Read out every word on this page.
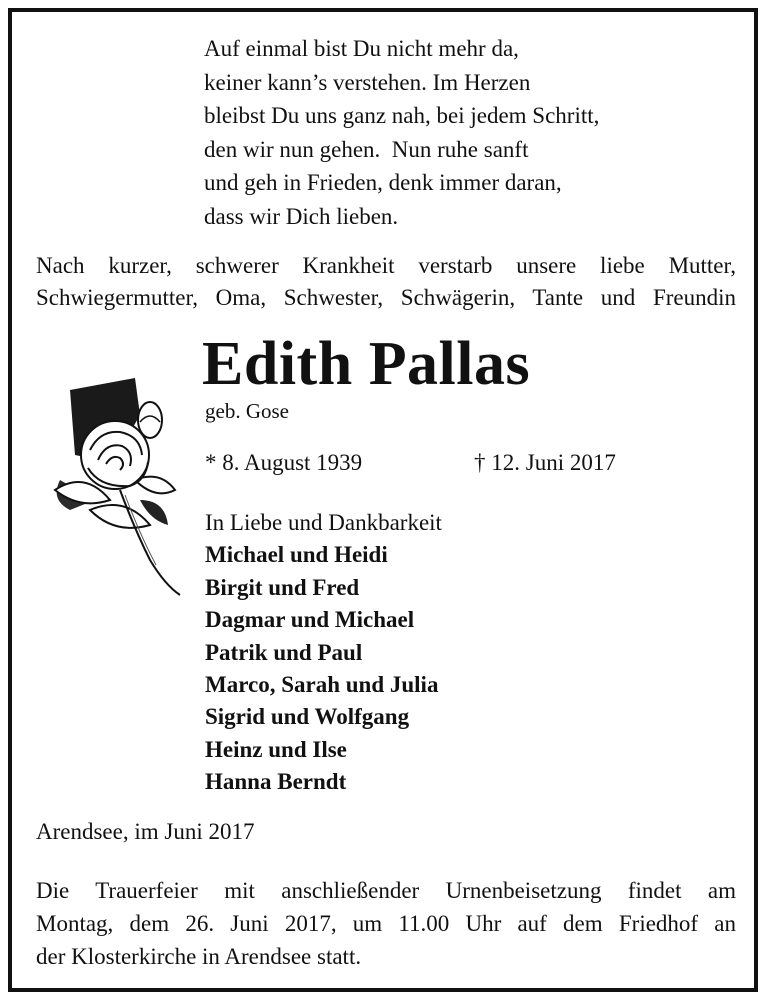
Auf einmal bist Du nicht mehr da,
keiner kann’s verstehen. Im Herzen
bleibst Du uns ganz nah, bei jedem Schritt,
den wir nun gehen.  Nun ruhe sanft
und geh in Frieden, denk immer daran,
dass wir Dich lieben.
Nach kurzer, schwerer Krankheit verstarb unsere liebe Mutter,
Schwiegermutter, Oma, Schwester, Schwägerin, Tante und Freundin
Edith Pallas
geb. Gose
* 8. August 1939	† 12. Juni 2017
In Liebe und Dankbarkeit
Michael und Heidi
Birgit und Fred
Dagmar und Michael
Patrik und Paul
Marco, Sarah und Julia
Sigrid und Wolfgang
Heinz und Ilse
Hanna Berndt
Arendsee, im Juni 2017
Die Trauerfeier mit anschließender Urnenbeisetzung findet am
Montag, dem 26. Juni 2017, um 11.00 Uhr auf dem Friedhof an
der Klosterkirche in Arendsee statt.
